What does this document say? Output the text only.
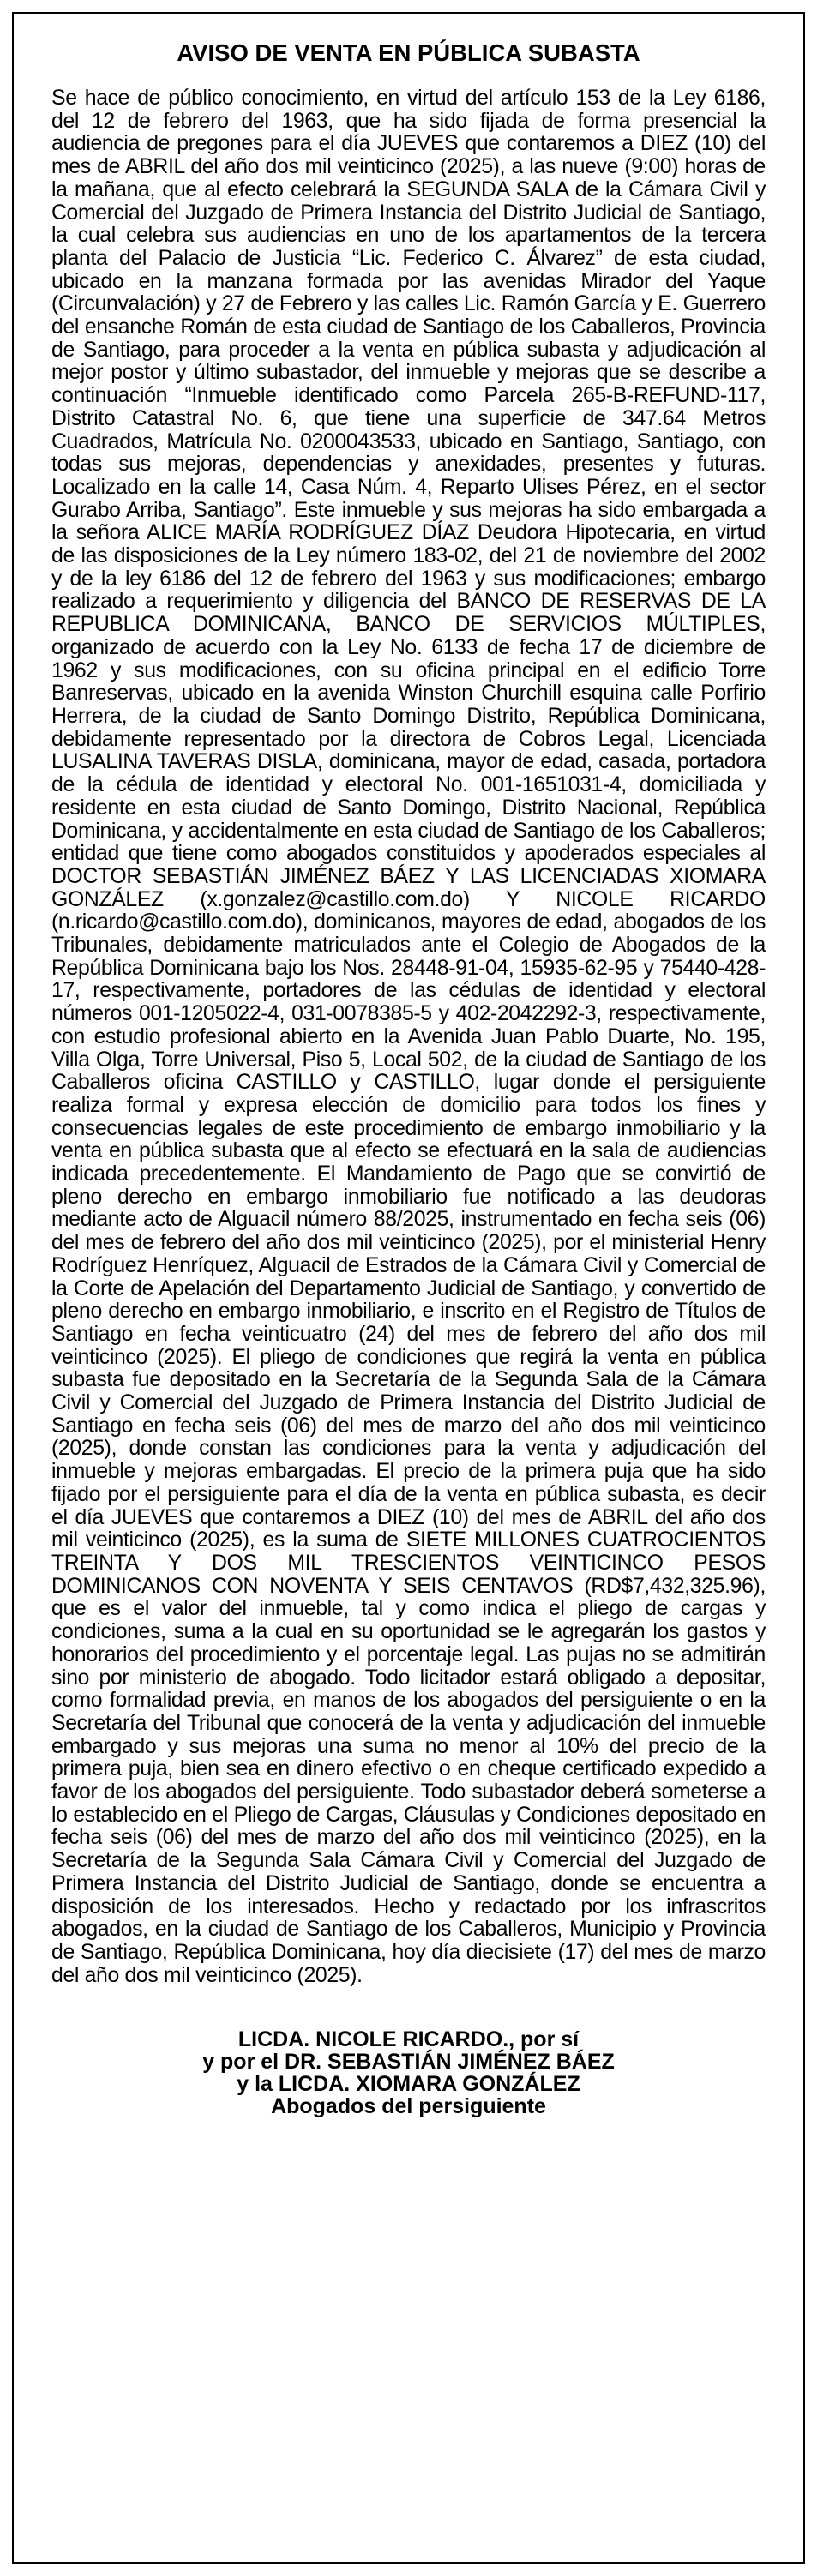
AVISO DE VENTA EN PÚBLICA SUBASTA

Se hace de público conocimiento, en virtud del artículo 153 de la Ley 6186, del 12 de febrero del 1963, que ha sido fijada de forma presencial la audiencia de pregones para el día JUEVES que contaremos a DIEZ (10) del mes de ABRIL del año dos mil veinticinco (2025), a las nueve (9:00) horas de la mañana, que al efecto celebrará la SEGUNDA SALA de la Cámara Civil y Comercial del Juzgado de Primera Instancia del Distrito Judicial de Santiago, la cual celebra sus audiencias en uno de los apartamentos de la tercera planta del Palacio de Justicia “Lic. Federico C. Álvarez” de esta ciudad, ubicado en la manzana formada por las avenidas Mirador del Yaque (Circunvalación) y 27 de Febrero y las calles Lic. Ramón García y E. Guerrero del ensanche Román de esta ciudad de Santiago de los Caballeros, Provincia de Santiago, para proceder a la venta en pública subasta y adjudicación al mejor postor y último subastador, del inmueble y mejoras que se describe a continuación “Inmueble identificado como Parcela 265-B-REFUND-117, Distrito Catastral No. 6, que tiene una superficie de 347.64 Metros Cuadrados, Matrícula No. 0200043533, ubicado en Santiago, Santiago, con todas sus mejoras, dependencias y anexidades, presentes y futuras. Localizado en la calle 14, Casa Núm. 4, Reparto Ulises Pérez, en el sector Gurabo Arriba, Santiago”. Este inmueble y sus mejoras ha sido embargada a la señora ALICE MARÍA RODRÍGUEZ DÍAZ Deudora Hipotecaria, en virtud de las disposiciones de la Ley número 183-02, del 21 de noviembre del 2002 y de la ley 6186 del 12 de febrero del 1963 y sus modificaciones; embargo realizado a requerimiento y diligencia del BANCO DE RESERVAS DE LA REPUBLICA DOMINICANA, BANCO DE SERVICIOS MÚLTIPLES, organizado de acuerdo con la Ley No. 6133 de fecha 17 de diciembre de 1962 y sus modificaciones, con su oficina principal en el edificio Torre Banreservas, ubicado en la avenida Winston Churchill esquina calle Porfirio Herrera, de la ciudad de Santo Domingo Distrito, República Dominicana, debidamente representado por la directora de Cobros Legal, Licenciada LUSALINA TAVERAS DISLA, dominicana, mayor de edad, casada, portadora de la cédula de identidad y electoral No. 001-1651031-4, domiciliada y residente en esta ciudad de Santo Domingo, Distrito Nacional, República Dominicana, y accidentalmente en esta ciudad de Santiago de los Caballeros; entidad que tiene como abogados constituidos y apoderados especiales al DOCTOR SEBASTIÁN JIMÉNEZ BÁEZ Y LAS LICENCIADAS XIOMARA GONZÁLEZ (x.gonzalez@castillo.com.do) Y NICOLE RICARDO (n.ricardo@castillo.com.do), dominicanos, mayores de edad, abogados de los Tribunales, debidamente matriculados ante el Colegio de Abogados de la República Dominicana bajo los Nos. 28448-91-04, 15935-62-95 y 75440-428-17, respectivamente, portadores de las cédulas de identidad y electoral números 001-1205022-4, 031-0078385-5 y 402-2042292-3, respectivamente, con estudio profesional abierto en la Avenida Juan Pablo Duarte, No. 195, Villa Olga, Torre Universal, Piso 5, Local 502, de la ciudad de Santiago de los Caballeros oficina CASTILLO y CASTILLO, lugar donde el persiguiente realiza formal y expresa elección de domicilio para todos los fines y consecuencias legales de este procedimiento de embargo inmobiliario y la venta en pública subasta que al efecto se efectuará en la sala de audiencias indicada precedentemente. El Mandamiento de Pago que se convirtió de pleno derecho en embargo inmobiliario fue notificado a las deudoras mediante acto de Alguacil número 88/2025, instrumentado en fecha seis (06) del mes de febrero del año dos mil veinticinco (2025), por el ministerial Henry Rodríguez Henríquez, Alguacil de Estrados de la Cámara Civil y Comercial de la Corte de Apelación del Departamento Judicial de Santiago, y convertido de pleno derecho en embargo inmobiliario, e inscrito en el Registro de Títulos de Santiago en fecha veinticuatro (24) del mes de febrero del año dos mil veinticinco (2025). El pliego de condiciones que regirá la venta en pública subasta fue depositado en la Secretaría de la Segunda Sala de la Cámara Civil y Comercial del Juzgado de Primera Instancia del Distrito Judicial de Santiago en fecha seis (06) del mes de marzo del año dos mil veinticinco (2025), donde constan las condiciones para la venta y adjudicación del inmueble y mejoras embargadas. El precio de la primera puja que ha sido fijado por el persiguiente para el día de la venta en pública subasta, es decir el día JUEVES que contaremos a DIEZ (10) del mes de ABRIL del año dos mil veinticinco (2025), es la suma de SIETE MILLONES CUATROCIENTOS TREINTA Y DOS MIL TRESCIENTOS VEINTICINCO PESOS DOMINICANOS CON NOVENTA Y SEIS CENTAVOS (RD$7,432,325.96), que es el valor del inmueble, tal y como indica el pliego de cargas y condiciones, suma a la cual en su oportunidad se le agregarán los gastos y honorarios del procedimiento y el porcentaje legal. Las pujas no se admitirán sino por ministerio de abogado. Todo licitador estará obligado a depositar, como formalidad previa, en manos de los abogados del persiguiente o en la Secretaría del Tribunal que conocerá de la venta y adjudicación del inmueble embargado y sus mejoras una suma no menor al 10% del precio de la primera puja, bien sea en dinero efectivo o en cheque certificado expedido a favor de los abogados del persiguiente. Todo subastador deberá someterse a lo establecido en el Pliego de Cargas, Cláusulas y Condiciones depositado en fecha seis (06) del mes de marzo del año dos mil veinticinco (2025), en la Secretaría de la Segunda Sala Cámara Civil y Comercial del Juzgado de Primera Instancia del Distrito Judicial de Santiago, donde se encuentra a disposición de los interesados. Hecho y redactado por los infrascritos abogados, en la ciudad de Santiago de los Caballeros, Municipio y Provincia de Santiago, República Dominicana, hoy día diecisiete (17) del mes de marzo del año dos mil veinticinco (2025).

LICDA. NICOLE RICARDO., por sí
y por el DR. SEBASTIÁN JIMÉNEZ BÁEZ
y la LICDA. XIOMARA GONZÁLEZ
Abogados del persiguiente
